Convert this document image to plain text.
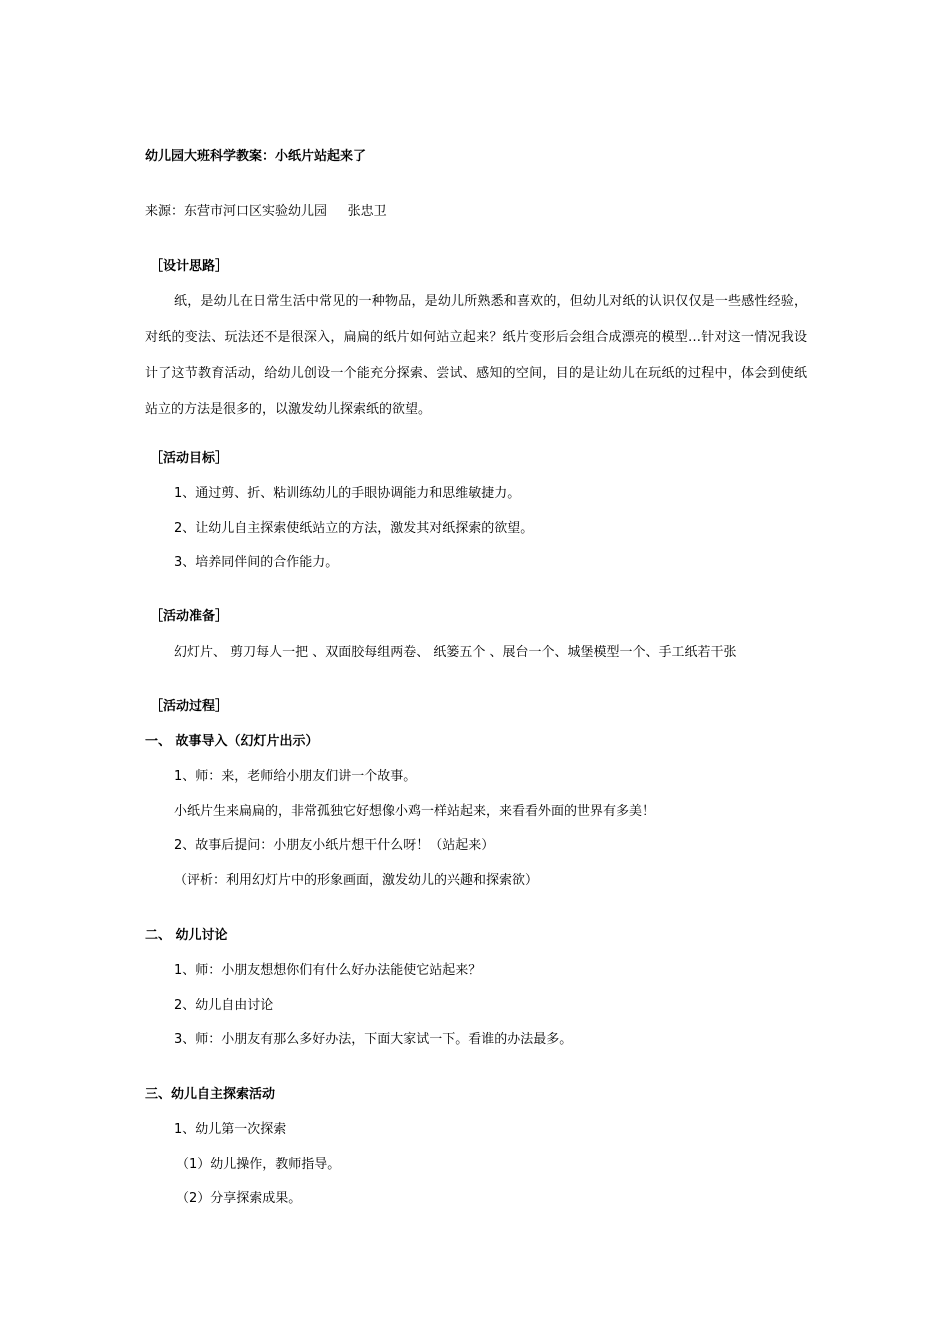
幼儿园大班科学教案：小纸片站起来了
来源：东营市河口区实验幼儿园     张忠卫
［设计思路］
纸，是幼儿在日常生活中常见的一种物品，是幼儿所熟悉和喜欢的，但幼儿对纸的认识仅仅是一些感性经验，对纸的变法、玩法还不是很深入，扁扁的纸片如何站立起来？纸片变形后会组合成漂亮的模型…针对这一情况我设计了这节教育活动，给幼儿创设一个能充分探索、尝试、感知的空间，目的是让幼儿在玩纸的过程中，体会到使纸站立的方法是很多的，以激发幼儿探索纸的欲望。
［活动目标］
1、通过剪、折、粘训练幼儿的手眼协调能力和思维敏捷力。
2、让幼儿自主探索使纸站立的方法，激发其对纸探索的欲望。
3、培养同伴间的合作能力。
［活动准备］
幻灯片、 剪刀每人一把 、双面胶每组两卷、 纸篓五个 、展台一个、城堡模型一个、手工纸若干张
［活动过程］
一、 故事导入（幻灯片出示）
1、师：来，老师给小朋友们讲一个故事。
小纸片生来扁扁的，非常孤独它好想像小鸡一样站起来，来看看外面的世界有多美！
2、故事后提问：小朋友小纸片想干什么呀！（站起来）
（评析：利用幻灯片中的形象画面，激发幼儿的兴趣和探索欲）
二、 幼儿讨论
1、师：小朋友想想你们有什么好办法能使它站起来？
2、幼儿自由讨论
3、师：小朋友有那么多好办法，下面大家试一下。看谁的办法最多。
三、幼儿自主探索活动
1、幼儿第一次探索
（1）幼儿操作，教师指导。
（2）分享探索成果。
